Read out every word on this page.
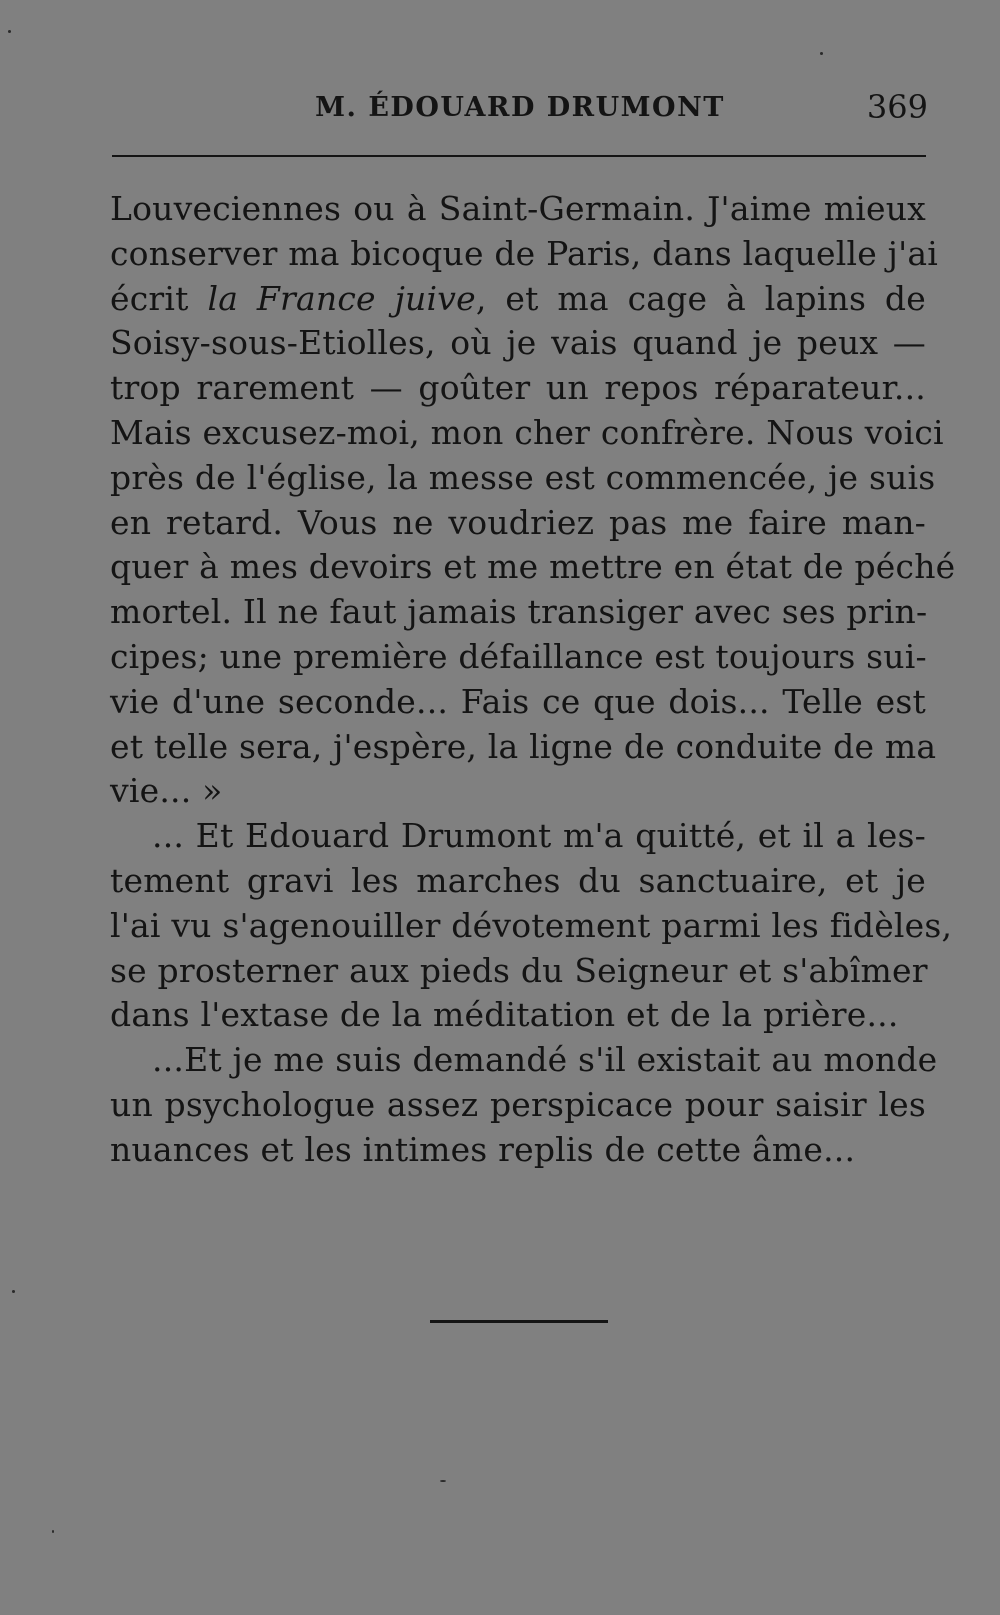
M. ÉDOUARD DRUMONT	369
Louveciennes ou à Saint-Germain. J'aime mieux
conserver ma bicoque de Paris, dans laquelle j'ai
écrit la France juive, et ma cage à lapins de
Soisy-sous-Etiolles, où je vais quand je peux —
trop rarement — goûter un repos réparateur...
Mais excusez-moi, mon cher confrère. Nous voici
près de l'église, la messe est commencée, je suis
en retard. Vous ne voudriez pas me faire man-
quer à mes devoirs et me mettre en état de péché
mortel. Il ne faut jamais transiger avec ses prin-
cipes; une première défaillance est toujours sui-
vie d'une seconde... Fais ce que dois... Telle est
et telle sera, j'espère, la ligne de conduite de ma
vie... »
... Et Edouard Drumont m'a quitté, et il a les-
tement gravi les marches du sanctuaire, et je
l'ai vu s'agenouiller dévotement parmi les fidèles,
se prosterner aux pieds du Seigneur et s'abîmer
dans l'extase de la méditation et de la prière...
...Et je me suis demandé s'il existait au monde
un psychologue assez perspicace pour saisir les
nuances et les intimes replis de cette âme...
